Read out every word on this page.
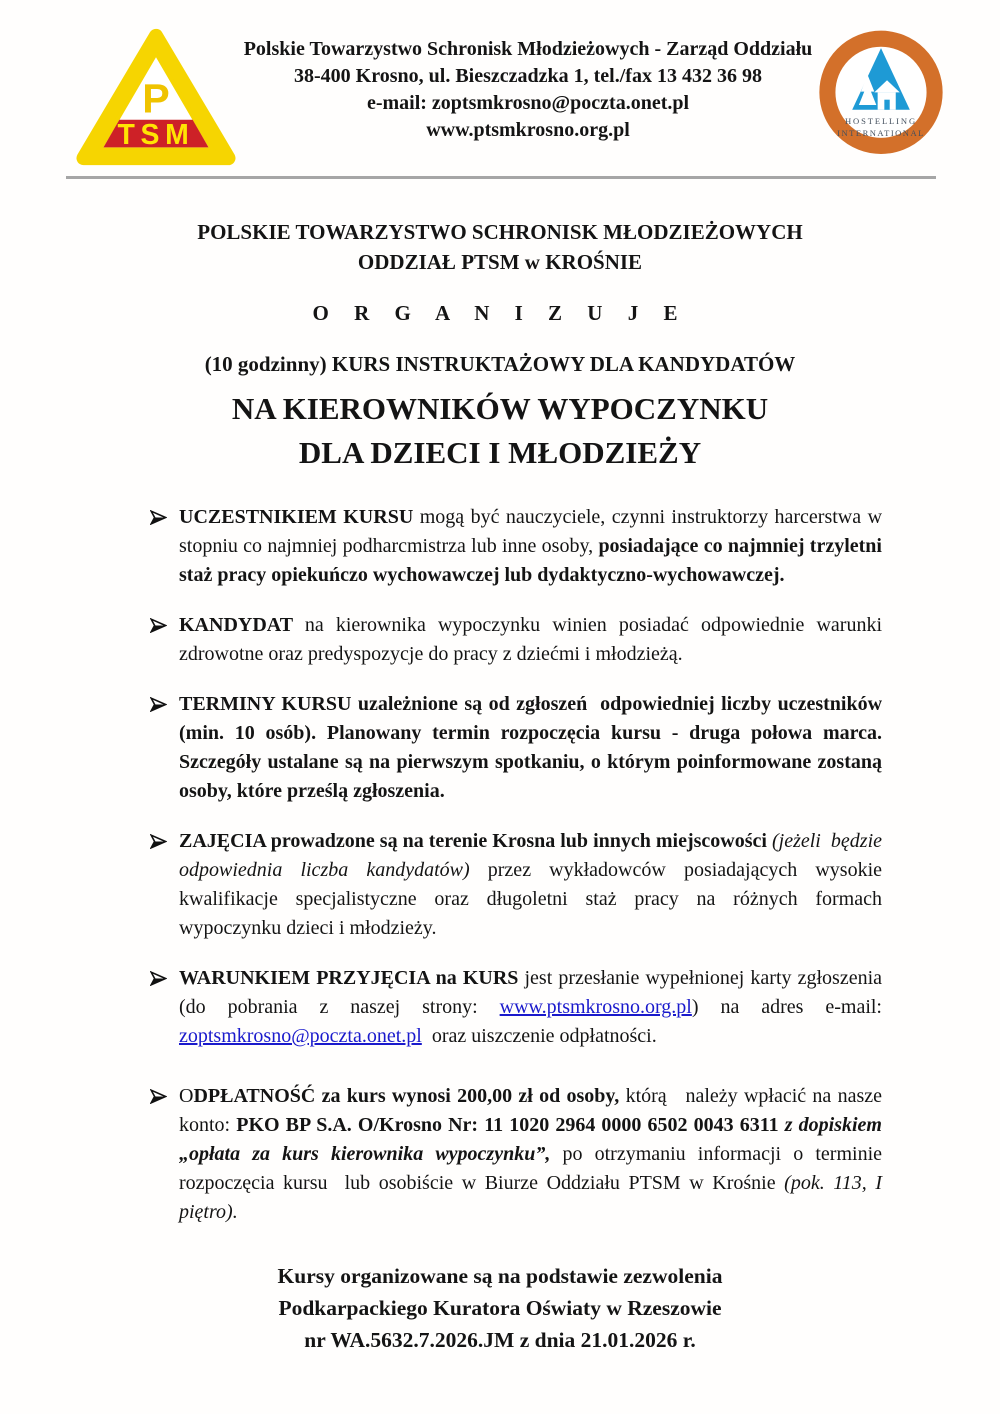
P
TSM
Polskie Towarzystwo Schronisk Młodzieżowych - Zarząd Oddziału
38-400 Krosno, ul. Bieszczadzka 1, tel./fax 13 432 36 98
e-mail: zoptsmkrosno@poczta.onet.pl
www.ptsmkrosno.org.pl	HOSTELLING
INTERNATIONAL
POLSKIE TOWARZYSTWO SCHRONISK MŁODZIEŻOWYCH
ODDZIAŁ PTSM w KROŚNIE
O R G A N I Z U J E
(10 godzinny) KURS INSTRUKTAŻOWY DLA KANDYDATÓW
NA KIEROWNIKÓW WYPOCZYNKU
DLA DZIECI I MŁODZIEŻY

UCZESTNIKIEM KURSU mogą być nauczyciele, czynni instruktorzy harcerstwa w stopniu co najmniej podharcmistrza lub inne osoby, posiadające co najmniej trzyletni staż pracy opiekuńczo wychowawczej lub dydaktyczno-wychowawczej.

KANDYDAT na kierownika wypoczynku winien posiadać odpowiednie warunki  zdrowotne oraz predyspozycje do pracy z dziećmi i młodzieżą.

TERMINY KURSU uzależnione są od zgłoszeń  odpowiedniej liczby uczestników  (min. 10 osób). Planowany termin rozpoczęcia kursu - druga połowa marca. Szczegóły ustalane są na pierwszym spotkaniu, o którym poinformowane zostaną osoby, które prześlą zgłoszenia.

ZAJĘCIA prowadzone są na terenie Krosna lub innych miejscowości (jeżeli  będzie odpowiednia liczba kandydatów) przez wykładowców posiadających wysokie kwalifikacje specjalistyczne oraz długoletni staż pracy na różnych formach wypoczynku dzieci i młodzieży.

WARUNKIEM PRZYJĘCIA na KURS jest przesłanie wypełnionej karty zgłoszenia (do pobrania z naszej strony: www.ptsmkrosno.org.pl) na adres e-mail: zoptsmkrosno@poczta.onet.pl  oraz uiszczenie odpłatności.

ODPŁATNOŚĆ za kurs wynosi 200,00 zł od osoby, którą   należy wpłacić na nasze konto: PKO BP S.A. O/Krosno Nr: 11 1020 2964 0000 6502 0043 6311 z dopiskiem „opłata za kurs kierownika wypoczynku”, po otrzymaniu informacji o terminie rozpoczęcia kursu  lub osobiście w Biurze Oddziału PTSM w Krośnie (pok. 113, I piętro).

Kursy organizowane są na podstawie zezwolenia
Podkarpackiego Kuratora Oświaty w Rzeszowie
nr WA.5632.7.2026.JM z dnia 21.01.2026 r.
